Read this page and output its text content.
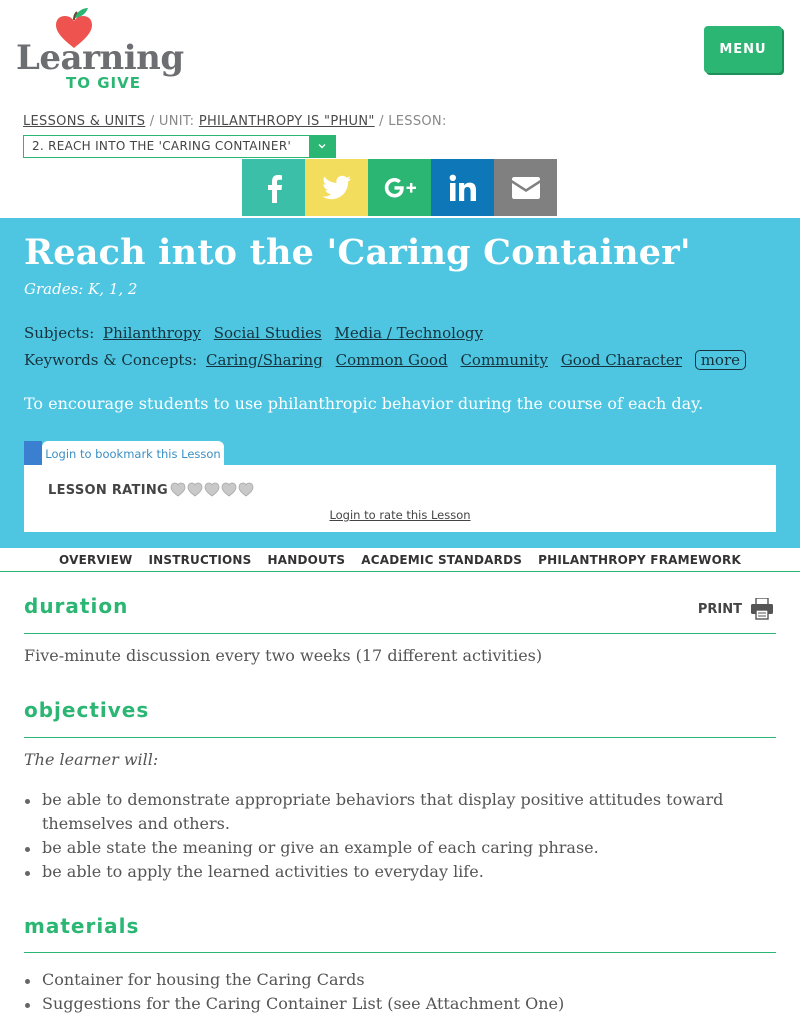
Learning
TO GIVE
MENU
LESSONS & UNITS / UNIT: PHILANTHROPY IS "PHUN" / LESSON:
2. REACH INTO THE 'CARING CONTAINER'
Reach into the 'Caring Container'
Grades: K, 1, 2
Subjects: Philanthropy Social Studies Media / Technology
Keywords & Concepts: Caring/Sharing Common Good Community Good Character more
To encourage students to use philanthropic behavior during the course of each day.
Login to bookmark this Lesson
LESSON RATING
Login to rate this Lesson
OVERVIEW INSTRUCTIONS HANDOUTS ACADEMIC STANDARDS PHILANTHROPY FRAMEWORK
duration	PRINT
Five-minute discussion every two weeks (17 different activities)
objectives
The learner will:
be able to demonstrate appropriate behaviors that display positive attitudes toward themselves and others.
be able state the meaning or give an example of each caring phrase.
be able to apply the learned activities to everyday life.
materials
Container for housing the Caring Cards
Suggestions for the Caring Container List (see Attachment One)
